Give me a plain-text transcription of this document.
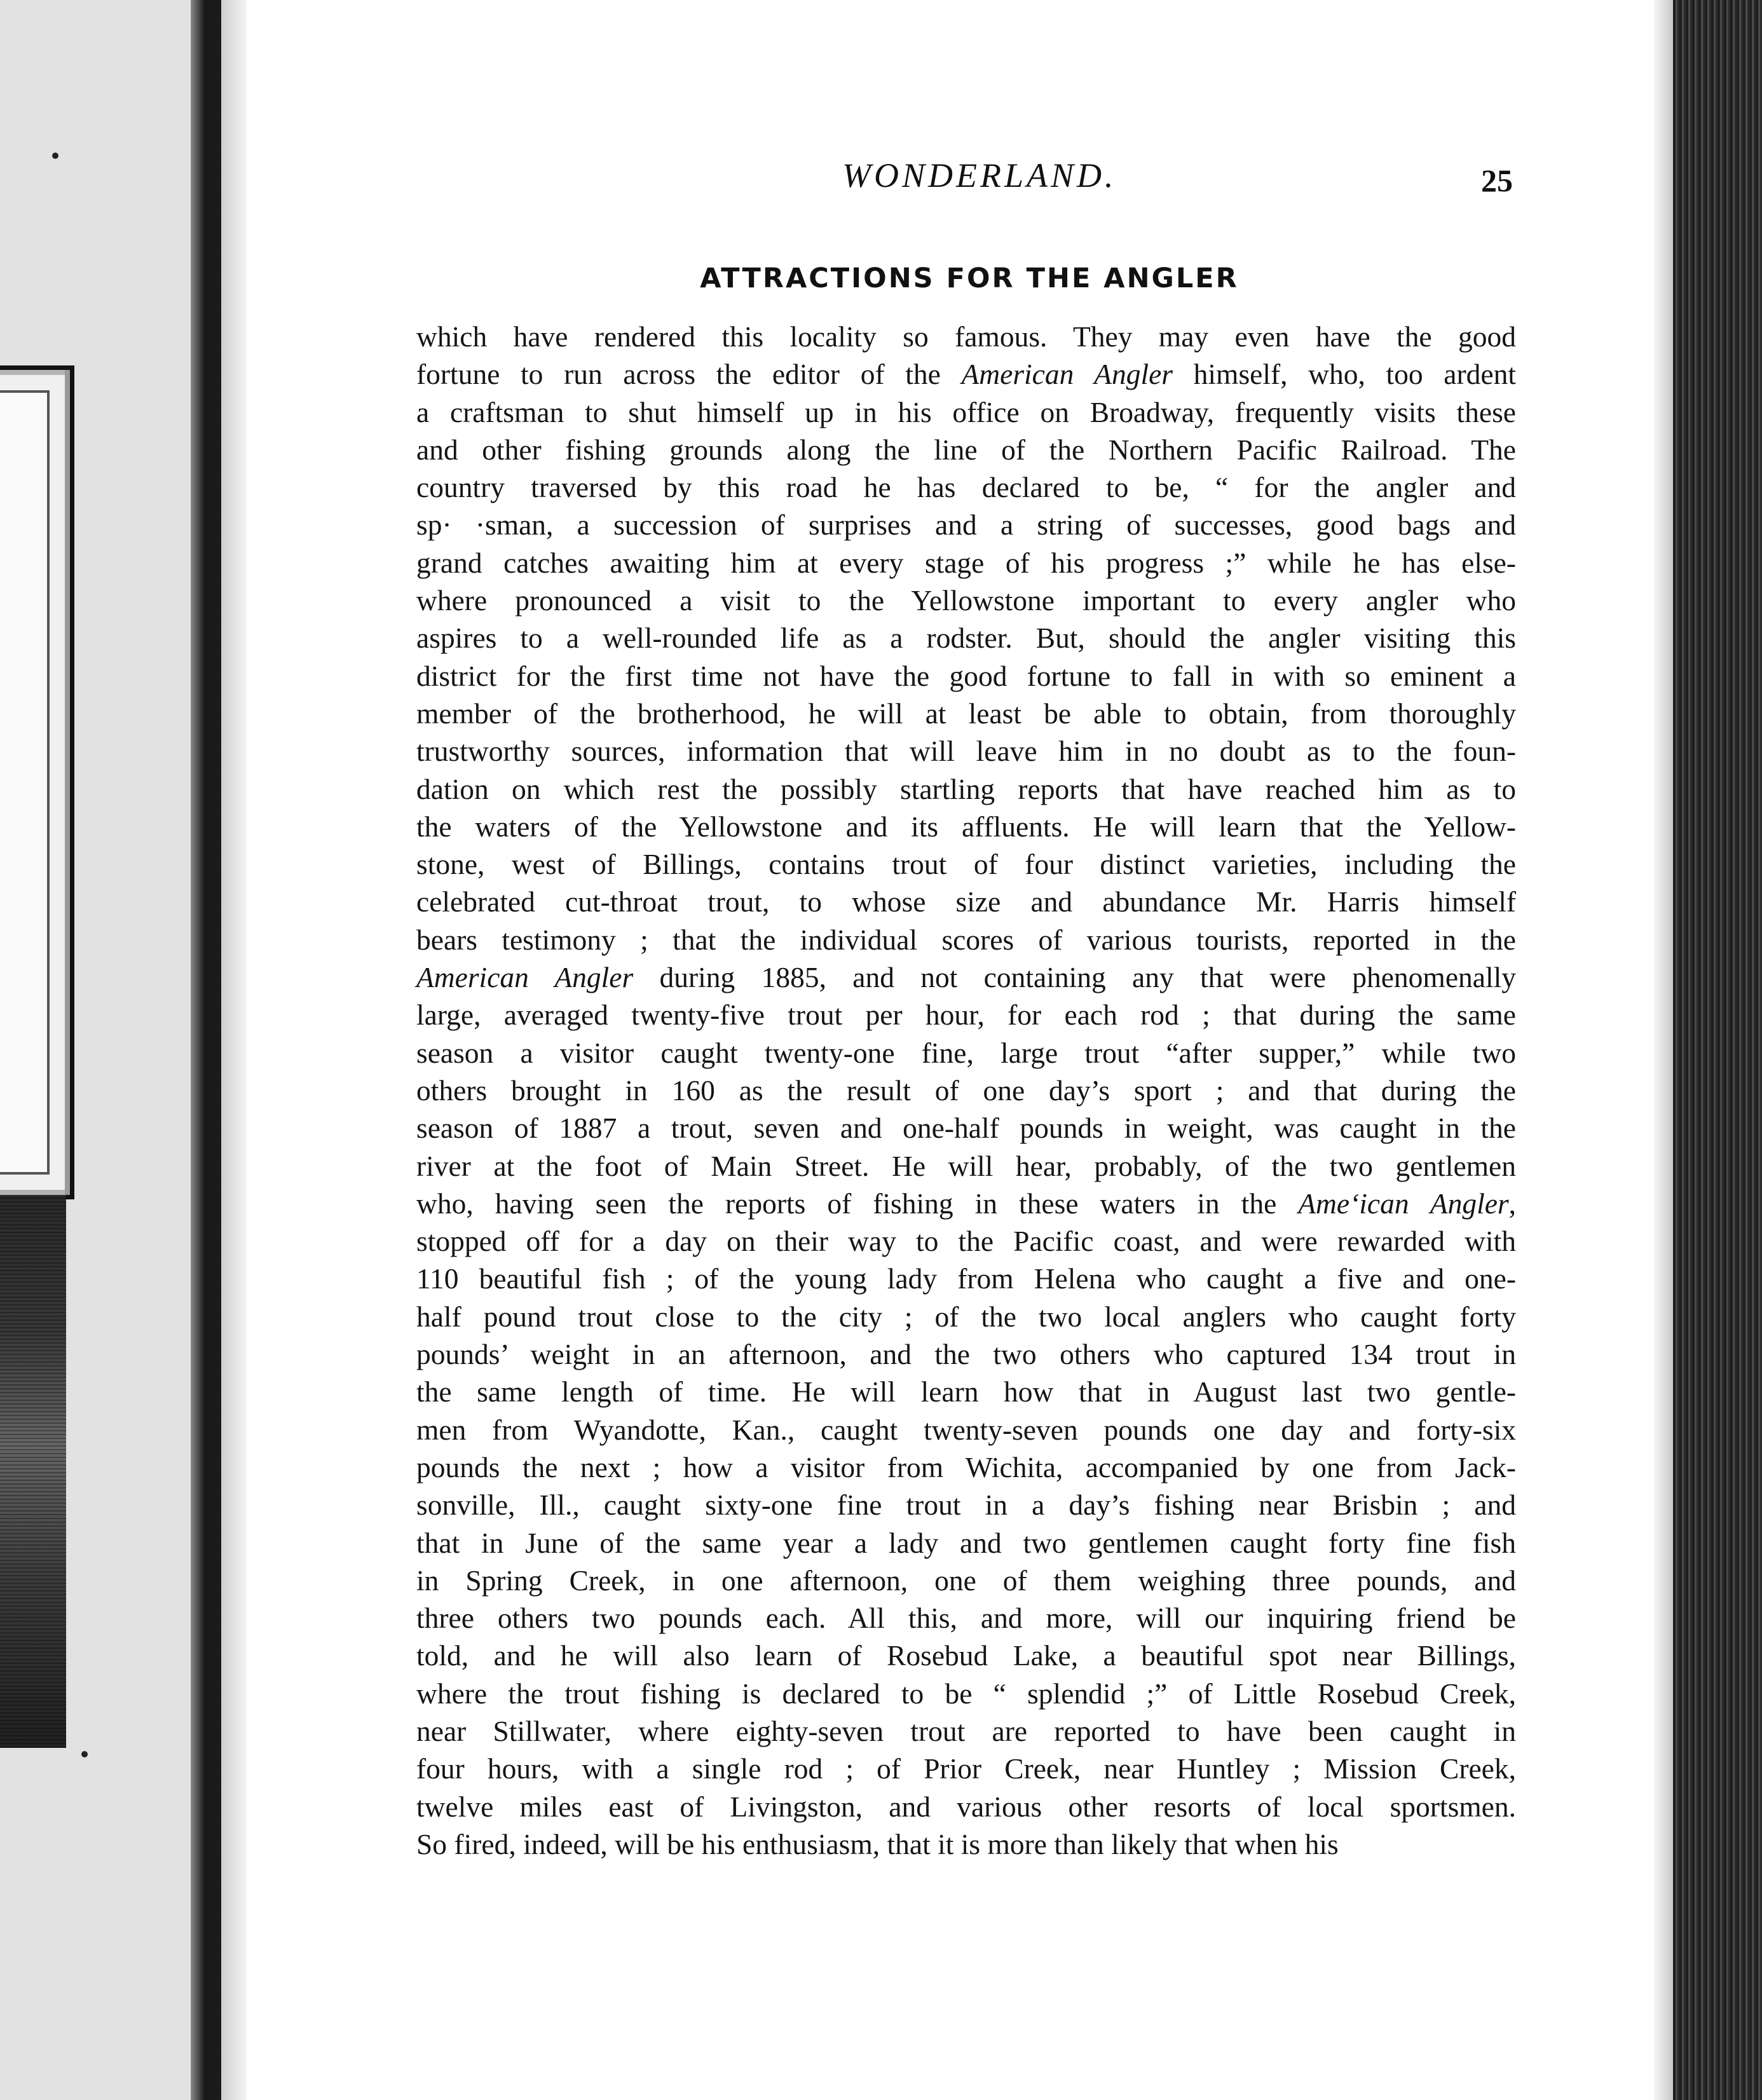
WONDERLAND.	25
ATTRACTIONS FOR THE ANGLER
which have rendered this locality so famous. They may even have the good
fortune to run across the editor of the American Angler himself, who, too ardent
a craftsman to shut himself up in his office on Broadway, frequently visits these
and other fishing grounds along the line of the Northern Pacific Railroad. The
country traversed by this road he has declared to be, “ for the angler and
sp· ·sman, a succession of surprises and a string of successes, good bags and
grand catches awaiting him at every stage of his progress ;” while he has else-
where pronounced a visit to the Yellowstone important to every angler who
aspires to a well-rounded life as a rodster. But, should the angler visiting this
district for the first time not have the good fortune to fall in with so eminent a
member of the brotherhood, he will at least be able to obtain, from thoroughly
trustworthy sources, information that will leave him in no doubt as to the foun-
dation on which rest the possibly startling reports that have reached him as to
the waters of the Yellowstone and its affluents. He will learn that the Yellow-
stone, west of Billings, contains trout of four distinct varieties, including the
celebrated cut-throat trout, to whose size and abundance Mr. Harris himself
bears testimony ; that the individual scores of various tourists, reported in the
American Angler during 1885, and not containing any that were phenomenally
large, averaged twenty-five trout per hour, for each rod ; that during the same
season a visitor caught twenty-one fine, large trout “after supper,” while two
others brought in 160 as the result of one day’s sport ; and that during the
season of 1887 a trout, seven and one-half pounds in weight, was caught in the
river at the foot of Main Street. He will hear, probably, of the two gentlemen
who, having seen the reports of fishing in these waters in the Ameʻican Angler,
stopped off for a day on their way to the Pacific coast, and were rewarded with
110 beautiful fish ; of the young lady from Helena who caught a five and one-
half pound trout close to the city ; of the two local anglers who caught forty
pounds’ weight in an afternoon, and the two others who captured 134 trout in
the same length of time. He will learn how that in August last two gentle-
men from Wyandotte, Kan., caught twenty-seven pounds one day and forty-six
pounds the next ; how a visitor from Wichita, accompanied by one from Jack-
sonville, Ill., caught sixty-one fine trout in a day’s fishing near Brisbin ; and
that in June of the same year a lady and two gentlemen caught forty fine fish
in Spring Creek, in one afternoon, one of them weighing three pounds, and
three others two pounds each. All this, and more, will our inquiring friend be
told, and he will also learn of Rosebud Lake, a beautiful spot near Billings,
where the trout fishing is declared to be “ splendid ;” of Little Rosebud Creek,
near Stillwater, where eighty-seven trout are reported to have been caught in
four hours, with a single rod ; of Prior Creek, near Huntley ; Mission Creek,
twelve miles east of Livingston, and various other resorts of local sportsmen.
So fired, indeed, will be his enthusiasm, that it is more than likely that when his
